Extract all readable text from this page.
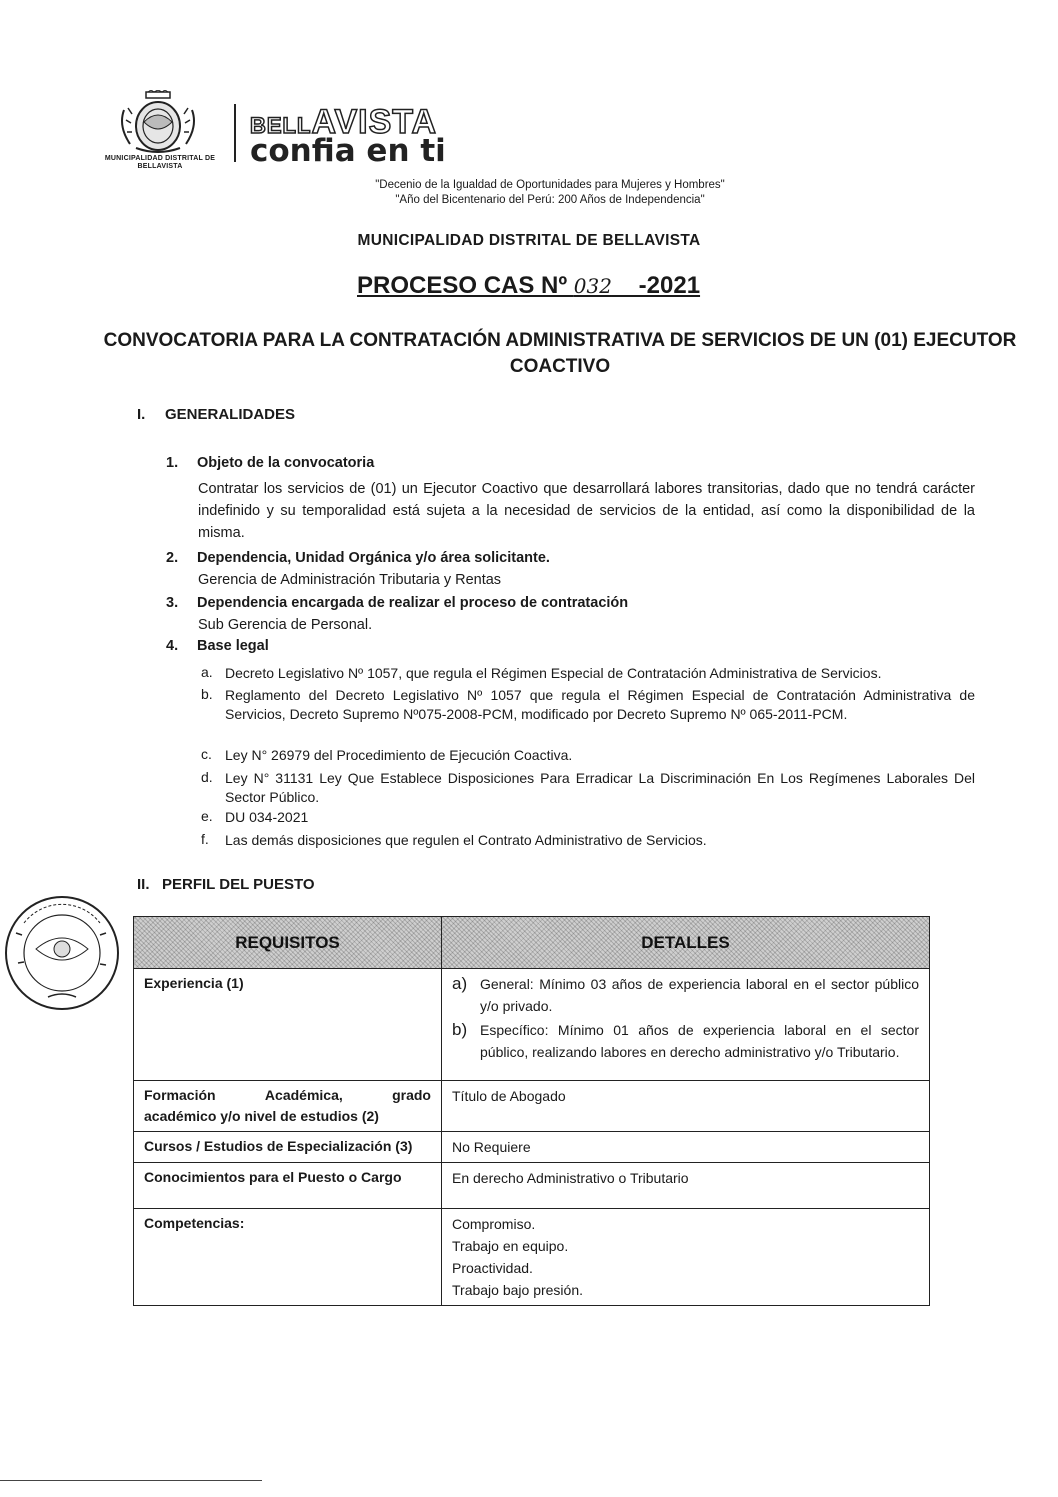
MUNICIPALIDAD DISTRITAL DE BELLAVISTA
BELLAVISTA
confia en ti
"Decenio de la Igualdad de Oportunidades para Mujeres y Hombres"
"Año del Bicentenario del Perú: 200 Años de Independencia"
MUNICIPALIDAD DISTRITAL DE BELLAVISTA
PROCESO CAS Nº 032    -2021
CONVOCATORIA PARA LA CONTRATACIÓN ADMINISTRATIVA DE SERVICIOS DE UN (01) EJECUTOR COACTIVO
I. GENERALIDADES
1. Objeto de la convocatoria
Contratar los servicios de (01) un Ejecutor Coactivo que desarrollará labores transitorias, dado que no tendrá carácter indefinido y su temporalidad está sujeta a la necesidad de servicios de la entidad, así como la disponibilidad de la misma.
2. Dependencia, Unidad Orgánica y/o área solicitante.
Gerencia de Administración Tributaria y Rentas
3. Dependencia encargada de realizar el proceso de contratación
Sub Gerencia de Personal.
4. Base legal
a. Decreto Legislativo Nº 1057, que regula el Régimen Especial de Contratación Administrativa de Servicios.
b. Reglamento del Decreto Legislativo Nº 1057 que regula el Régimen Especial de Contratación Administrativa de Servicios, Decreto Supremo Nº075-2008-PCM, modificado por Decreto Supremo Nº 065-2011-PCM.
c. Ley N° 26979 del Procedimiento de Ejecución Coactiva.
d. Ley N° 31131 Ley Que Establece Disposiciones Para Erradicar La Discriminación En Los Regímenes Laborales Del Sector Público.
e. DU 034-2021
f. Las demás disposiciones que regulen el Contrato Administrativo de Servicios.
II. PERFIL DEL PUESTO
REQUISITOS	DETALLES
Experiencia (1)	a) General: Mínimo 03 años de experiencia laboral en el sector público y/o privado.
b) Específico: Mínimo 01 años de experiencia laboral en el sector público, realizando labores en derecho administrativo y/o Tributario.

Formación Académica, grado
académico y/o nivel de estudios (2)	Título de Abogado
Cursos / Estudios de Especialización (3)	No Requiere
Conocimientos para el Puesto o Cargo	En derecho Administrativo o Tributario
Competencias:	Compromiso.
Trabajo en equipo.
Proactividad.
Trabajo bajo presión.
